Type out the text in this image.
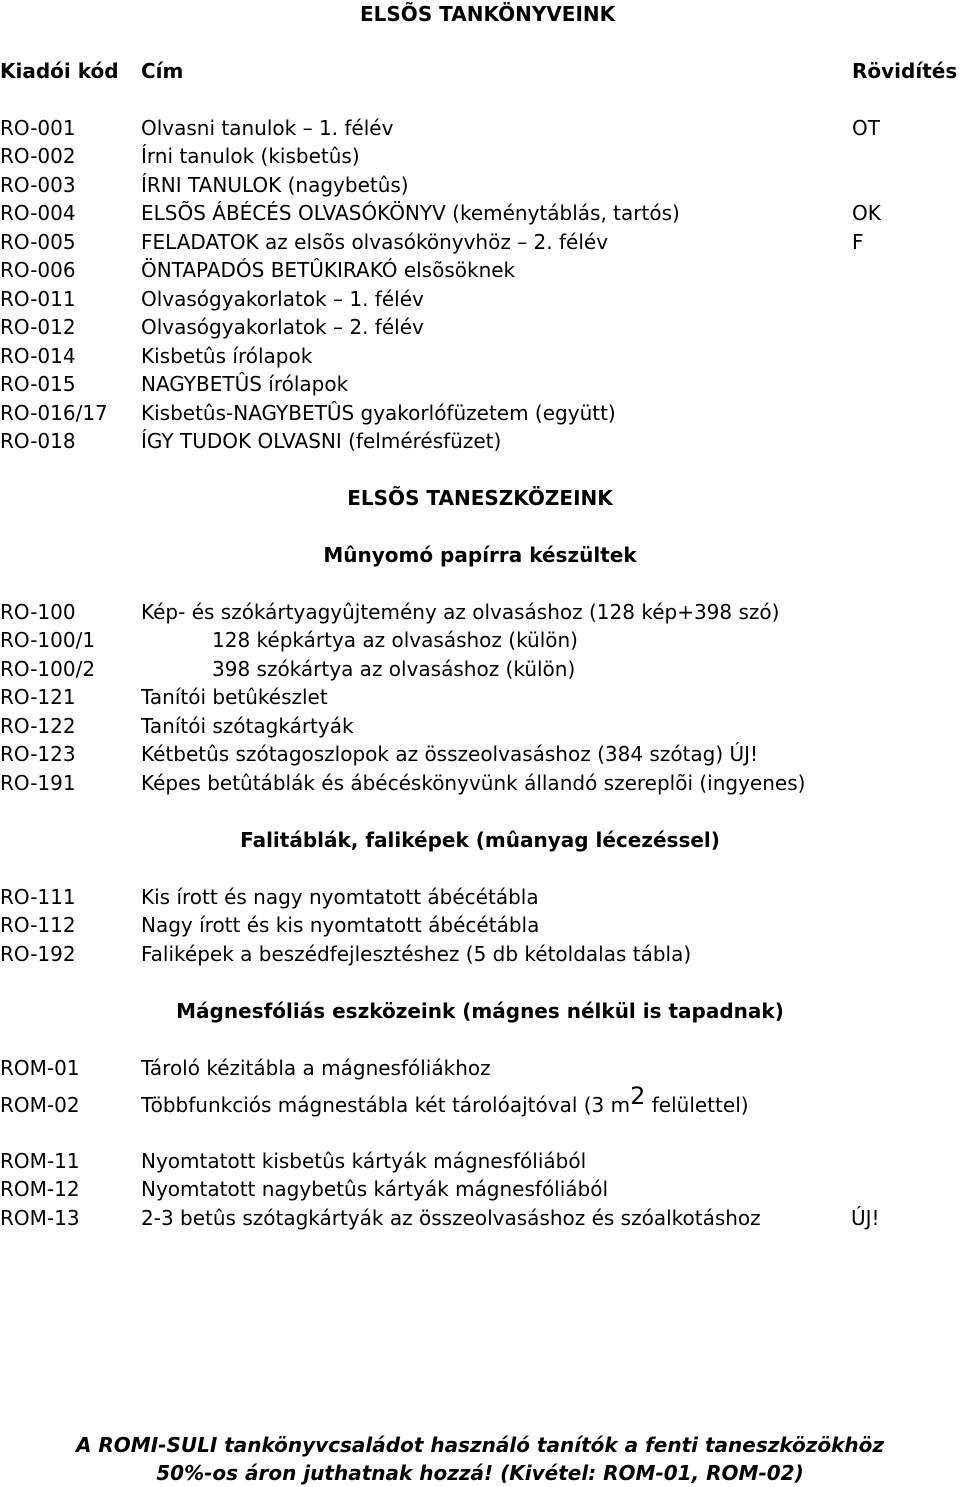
ELSÕS TANKÖNYVEINK
Kiadói kód Cím	Rövidítés
RO-001	Olvasni tanulok – 1. félév	OT
RO-002	Írni tanulok (kisbetûs)
RO-003	ÍRNI TANULOK (nagybetûs)
RO-004	ELSÕS ÁBÉCÉS OLVASÓKÖNYV (keménytáblás, tartós)	OK
RO-005	FELADATOK az elsõs olvasókönyvhöz – 2. félév	F
RO-006	ÖNTAPADÓS BETÛKIRAKÓ elsõsöknek
RO-011	Olvasógyakorlatok – 1. félév
RO-012	Olvasógyakorlatok – 2. félév
RO-014	Kisbetûs írólapok
RO-015	NAGYBETÛS írólapok
RO-016/17 Kisbetûs-NAGYBETÛS gyakorlófüzetem (együtt)
RO-018	ÍGY TUDOK OLVASNI (felmérésfüzet)
ELSÕS TANESZKÖZEINK
Mûnyomó papírra készültek
RO-100	Kép- és szókártyagyûjtemény az olvasáshoz (128 kép+398 szó)
RO-100/1	128 képkártya az olvasáshoz (külön)
RO-100/2	398 szókártya az olvasáshoz (külön)
RO-121	Tanítói betûkészlet
RO-122	Tanítói szótagkártyák
RO-123	Kétbetûs szótagoszlopok az összeolvasáshoz (384 szótag) ÚJ!
RO-191	Képes betûtáblák és ábécéskönyvünk állandó szereplõi (ingyenes)
Falitáblák, faliképek (mûanyag lécezéssel)
RO-111	Kis írott és nagy nyomtatott ábécétábla
RO-112	Nagy írott és kis nyomtatott ábécétábla
RO-192	Faliképek a beszédfejlesztéshez (5 db kétoldalas tábla)
Mágnesfóliás eszközeink (mágnes nélkül is tapadnak)
ROM-01	Tároló kézitábla a mágnesfóliákhoz
ROM-02	Többfunkciós mágnestábla két tárolóajtóval (3 $m^2$ felülettel)
ROM-11	Nyomtatott kisbetûs kártyák mágnesfóliából
ROM-12	Nyomtatott nagybetûs kártyák mágnesfóliából
ROM-13	2-3 betûs szótagkártyák az összeolvasáshoz és szóalkotáshoz	ÚJ!
A ROMI-SULI tankönyvcsaládot használó tanítók a fenti taneszközökhöz
50%-os áron juthatnak hozzá! (Kivétel: ROM-01, ROM-02)
